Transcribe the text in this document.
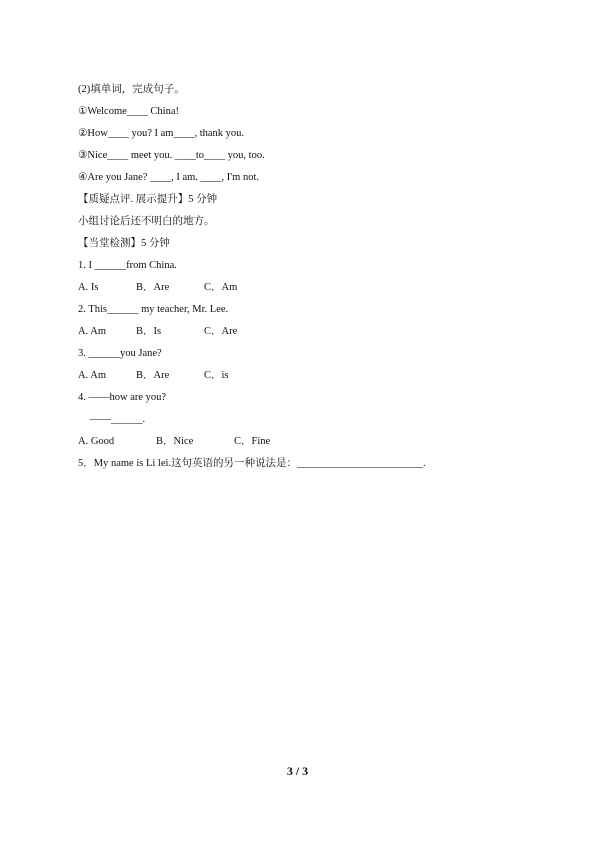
(2)填单词，完成句子。
①Welcome____ China!
②How____ you? I am____, thank you.
③Nice____ meet you. ____to____ you, too.
④Are you Jane? ____, I am. ____, I'm not.
【质疑点评. 展示提升】5 分钟
小组讨论后还不明白的地方。
【当堂检测】5 分钟
1. I ______from China.
A. Is	B．Are	C．Am
2. This______ my teacher, Mr. Lee.
A. Am	B．Is	C．Are
3. ______you Jane?
A. Am	B．Are	C．is
4. ——how are you?
——______.
A. Good	B．Nice	C．Fine
5．My name is Li lei.这句英语的另一种说法是：________________________.
3 / 3
